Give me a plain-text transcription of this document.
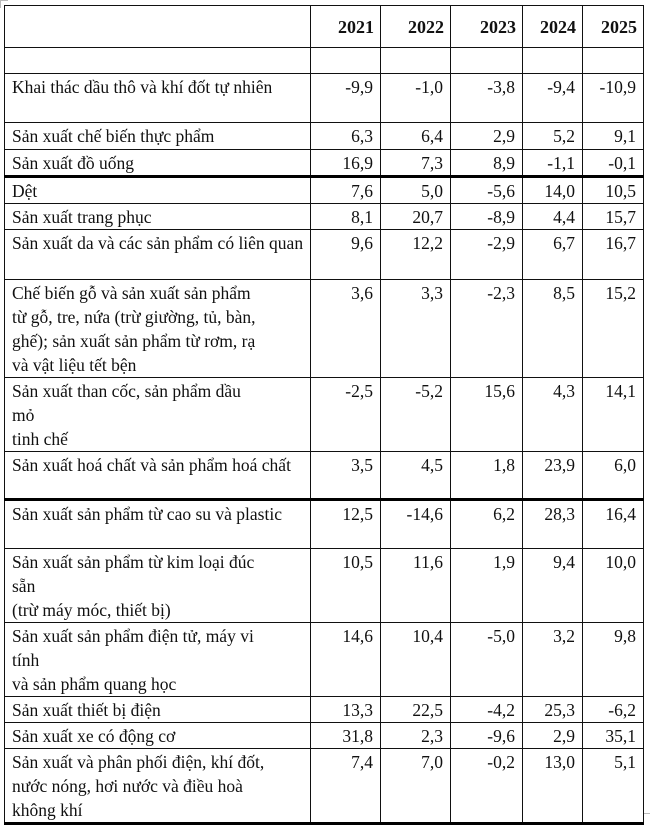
	2021	2022	2023	2024	2025

Khai thác dầu thô và khí đốt tự nhiên	-9,9	-1,0	-3,8	-9,4	-10,9
Sản xuất chế biến thực phẩm	6,3	6,4	2,9	5,2	9,1
Sản xuất đồ uống	16,9	7,3	8,9	-1,1	-0,1
Dệt	7,6	5,0	-5,6	14,0	10,5
Sản xuất trang phục	8,1	20,7	-8,9	4,4	15,7
Sản xuất da và các sản phẩm có liên quan	9,6	12,2	-2,9	6,7	16,7

Chế biến gỗ và sản xuất sản phẩm
từ gỗ, tre, nứa (trừ giường, tủ, bàn,
ghế); sản xuất sản phẩm từ rơm, rạ
và vật liệu tết bện	3,6	3,3	-2,3	8,5	15,2

Sản xuất than cốc, sản phẩm dầu
mỏ
tinh chế	-2,5	-5,2	15,6	4,3	14,1
Sản xuất hoá chất và sản phẩm hoá chất	3,5	4,5	1,8	23,9	6,0
Sản xuất sản phẩm từ cao su và plastic	12,5	-14,6	6,2	28,3	16,4

Sản xuất sản phẩm từ kim loại đúc
sẵn
(trừ máy móc, thiết bị)	10,5	11,6	1,9	9,4	10,0

Sản xuất sản phẩm điện tử, máy vi
tính
và sản phẩm quang học	14,6	10,4	-5,0	3,2	9,8
Sản xuất thiết bị điện	13,3	22,5	-4,2	25,3	-6,2
Sản xuất xe có động cơ	31,8	2,3	-9,6	2,9	35,1

Sản xuất và phân phối điện, khí đốt,
nước nóng, hơi nước và điều hoà
không khí	7,4	7,0	-0,2	13,0	5,1
